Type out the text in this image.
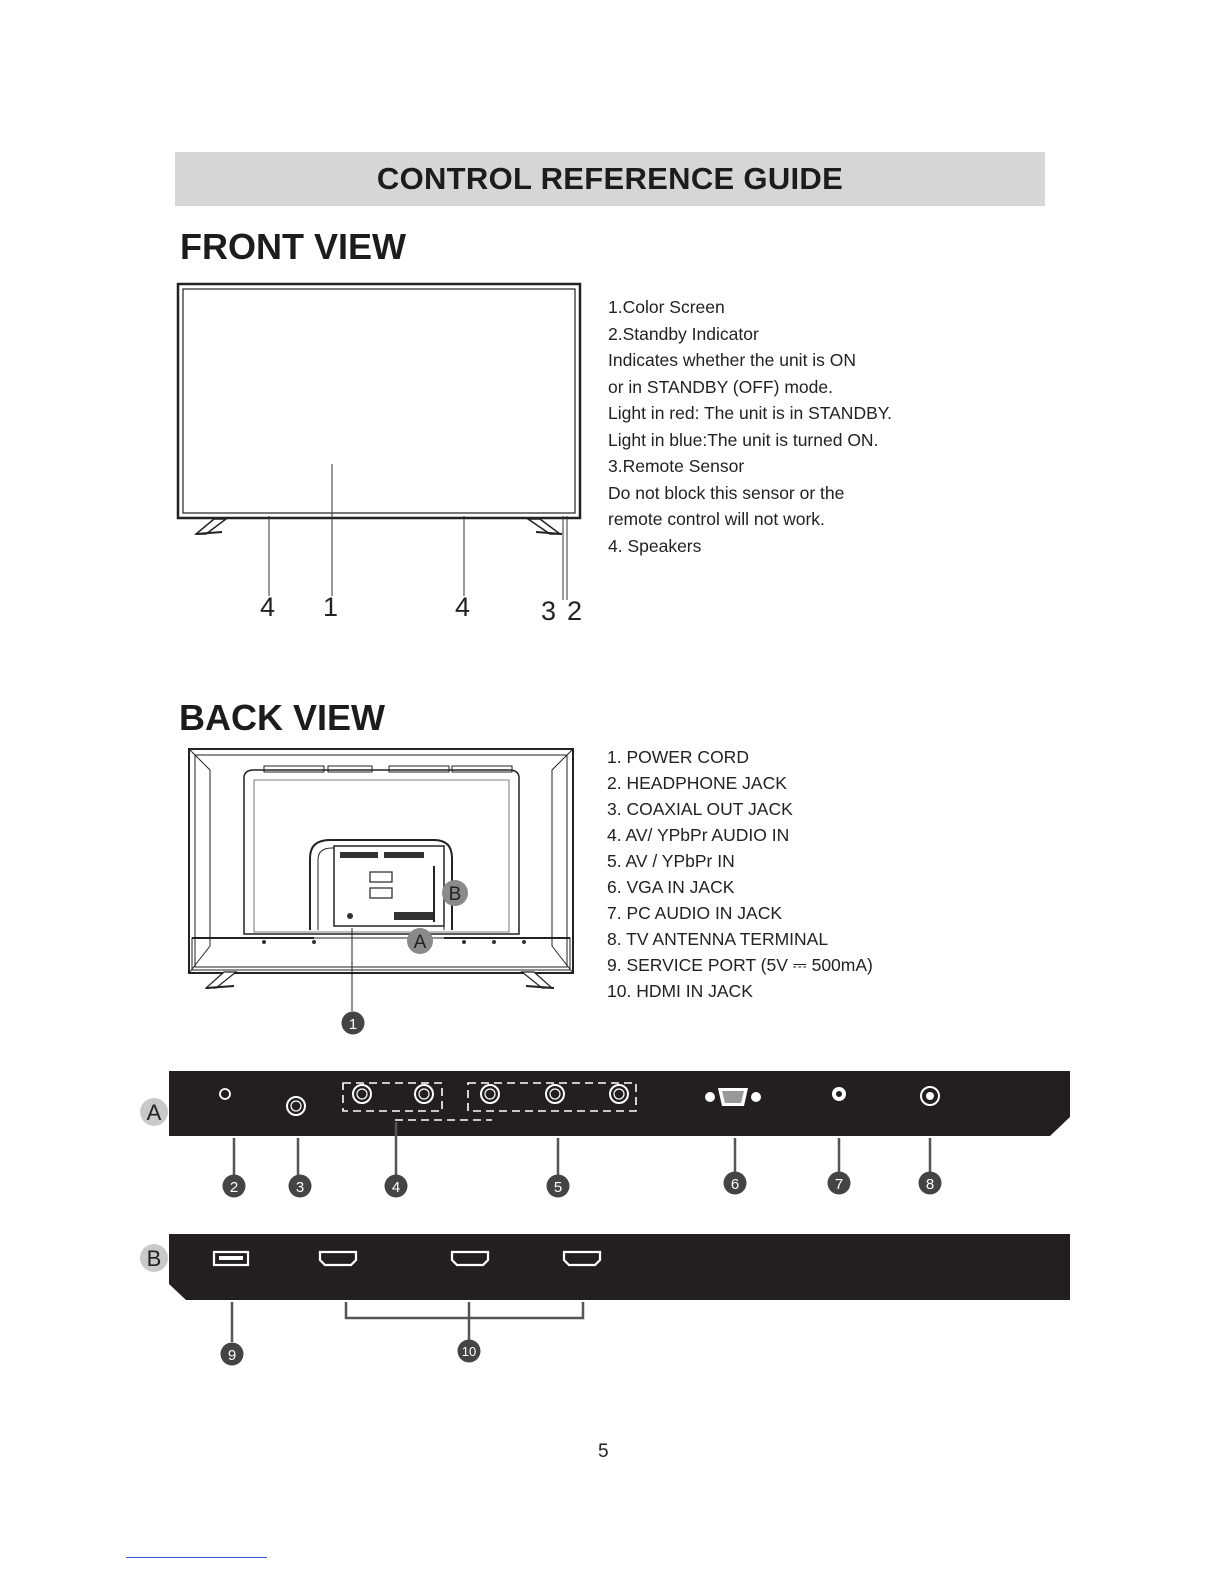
CONTROL REFERENCE GUIDE
FRONT VIEW
4 1	4	3 2
1.Color Screen
2.Standby Indicator
Indicates whether the unit is ON
or in STANDBY (OFF) mode.
Light in red: The unit is in STANDBY.
Light in blue:The unit is turned ON.
3.Remote Sensor
Do not block this sensor or the
remote control will not work.
4. Speakers
BACK VIEW
B
A
1
1. POWER CORD
2. HEADPHONE JACK
3. COAXIAL OUT JACK
4. AV/ YPbPr AUDIO IN
5. AV / YPbPr IN
6. VGA IN JACK
7. PC AUDIO IN JACK
8. TV ANTENNA TERMINAL
9. SERVICE PORT (5V ⎓ 500mA)
10. HDMI IN JACK
A
2	3	4	5	6	7	8
B
9	10
5
